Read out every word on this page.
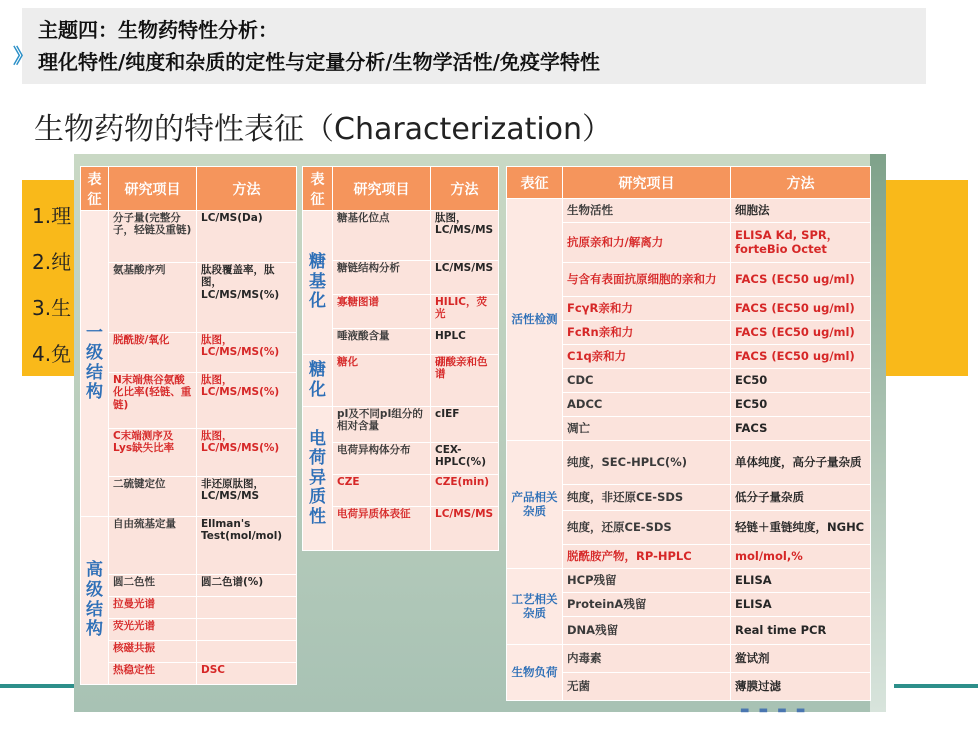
》
主题四：生物药特性分析：
理化特性/纯度和杂质的定性与定量分析/生物学活性/免疫学特性
生物药物的特性表征（Characterization）
1.理
2.纯
3.生
4.免
▬ ▬ ▬ ▬
表征	研究项目	方法
一级结构	分子量(完整分子，轻链及重链)	LC/MS(Da)
	氨基酸序列	肽段覆盖率，肽图，LC/MS/MS(%)
	脱酰胺/氧化	肽图，LC/MS/MS(%)
	N末端焦谷氨酸化比率(轻链、重链)	肽图，LC/MS/MS(%)
	C末端测序及Lys缺失比率	肽图，LC/MS/MS(%)
	二硫键定位	非还原肽图，LC/MS/MS
高级结构	自由巯基定量	Ellman's Test(mol/mol)
	圆二色性	圆二色谱(%)
	拉曼光谱	
	荧光光谱	
	核磁共振	
	热稳定性	DSC
表征	研究项目	方法
糖基化	糖基化位点	肽图，LC/MS/MS
	糖链结构分析	LC/MS/MS
	寡糖图谱	HILIC，荧光
	唾液酸含量	HPLC
糖化	糖化	硼酸亲和色谱
电荷异质性	pI及不同pI组分的相对含量	cIEF
	电荷异构体分布	CEX-HPLC(%)
	CZE	CZE(min)
	电荷异质体表征	LC/MS/MS
表征	研究项目	方法
活性检测	生物活性	细胞法
	抗原亲和力/解离力	ELISA Kd, SPR，forteBio Octet
	与含有表面抗原细胞的亲和力	FACS (EC50 ug/ml)
	FcγR亲和力	FACS (EC50 ug/ml)
	FcRn亲和力	FACS (EC50 ug/ml)
	C1q亲和力	FACS (EC50 ug/ml)
	CDC	EC50
	ADCC	EC50
	凋亡	FACS
产品相关杂质	纯度，SEC-HPLC(%)	单体纯度，高分子量杂质
	纯度，非还原CE-SDS	低分子量杂质
	纯度，还原CE-SDS	轻链＋重链纯度，NGHC
	脱酰胺产物，RP-HPLC	mol/mol,%
工艺相关杂质	HCP残留	ELISA
	ProteinA残留	ELISA
	DNA残留	Real time PCR
生物负荷	内毒素	鲎试剂
	无菌	薄膜过滤
